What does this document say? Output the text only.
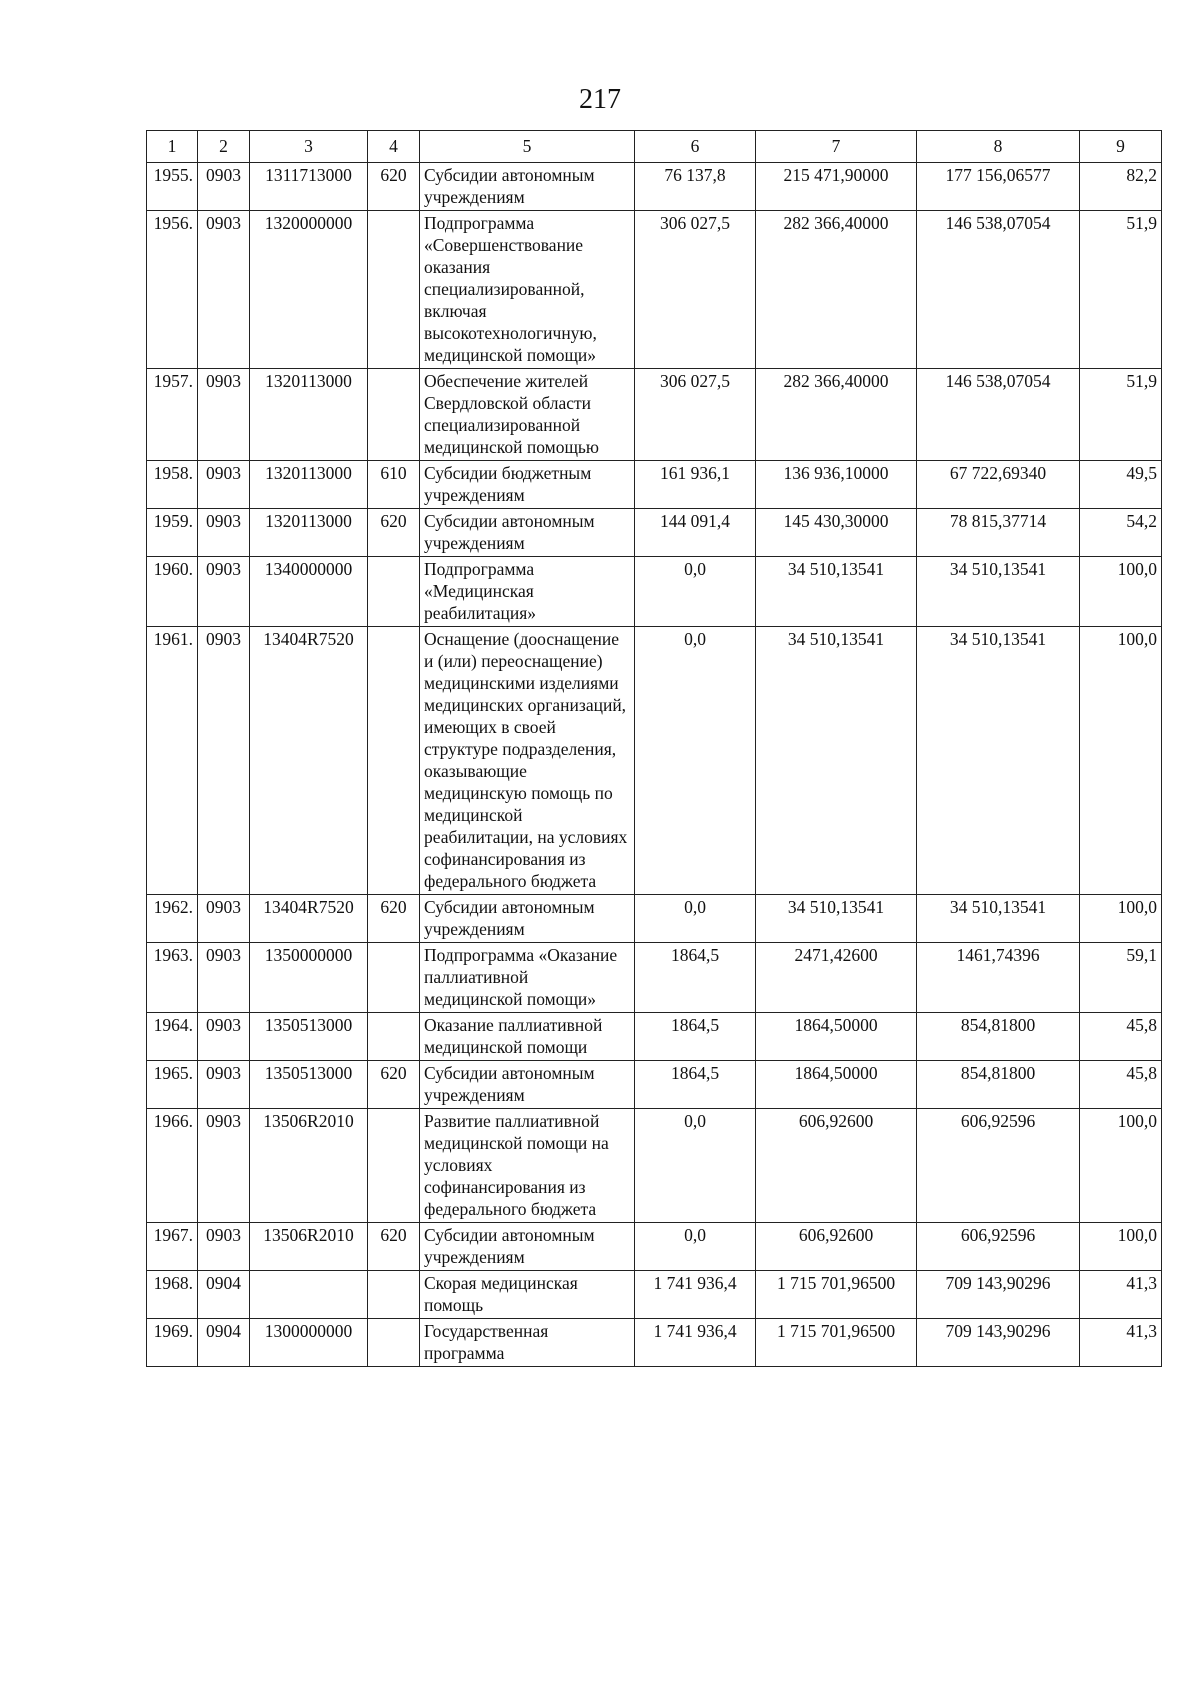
217
1	2	3	4	5	6	7	8	9
1955.	0903	1311713000	620	Субсидии автономным учреждениям	76 137,8	215 471,90000	177 156,06577	82,2
1956.	0903	1320000000		Подпрограмма «Совершенствование оказания специализированной, включая высокотехнологичную, медицинской помощи»	306 027,5	282 366,40000	146 538,07054	51,9
1957.	0903	1320113000		Обеспечение жителей Свердловской области специализированной медицинской помощью	306 027,5	282 366,40000	146 538,07054	51,9
1958.	0903	1320113000	610	Субсидии бюджетным учреждениям	161 936,1	136 936,10000	67 722,69340	49,5
1959.	0903	1320113000	620	Субсидии автономным учреждениям	144 091,4	145 430,30000	78 815,37714	54,2
1960.	0903	1340000000		Подпрограмма «Медицинская реабилитация»	0,0	34 510,13541	34 510,13541	100,0
1961.	0903	13404R7520		Оснащение (дооснащение и (или) переоснащение) медицинскими изделиями медицинских организаций, имеющих в своей структуре подразделения, оказывающие медицинскую помощь по медицинской реабилитации, на условиях софинансирования из федерального бюджета	0,0	34 510,13541	34 510,13541	100,0
1962.	0903	13404R7520	620	Субсидии автономным учреждениям	0,0	34 510,13541	34 510,13541	100,0
1963.	0903	1350000000		Подпрограмма «Оказание паллиативной медицинской помощи»	1864,5	2471,42600	1461,74396	59,1
1964.	0903	1350513000		Оказание паллиативной медицинской помощи	1864,5	1864,50000	854,81800	45,8
1965.	0903	1350513000	620	Субсидии автономным учреждениям	1864,5	1864,50000	854,81800	45,8
1966.	0903	13506R2010		Развитие паллиативной медицинской помощи на условиях софинансирования из федерального бюджета	0,0	606,92600	606,92596	100,0
1967.	0903	13506R2010	620	Субсидии автономным учреждениям	0,0	606,92600	606,92596	100,0
1968.	0904			Скорая медицинская помощь	1 741 936,4	1 715 701,96500	709 143,90296	41,3
1969.	0904	1300000000		Государственная программа	1 741 936,4	1 715 701,96500	709 143,90296	41,3
